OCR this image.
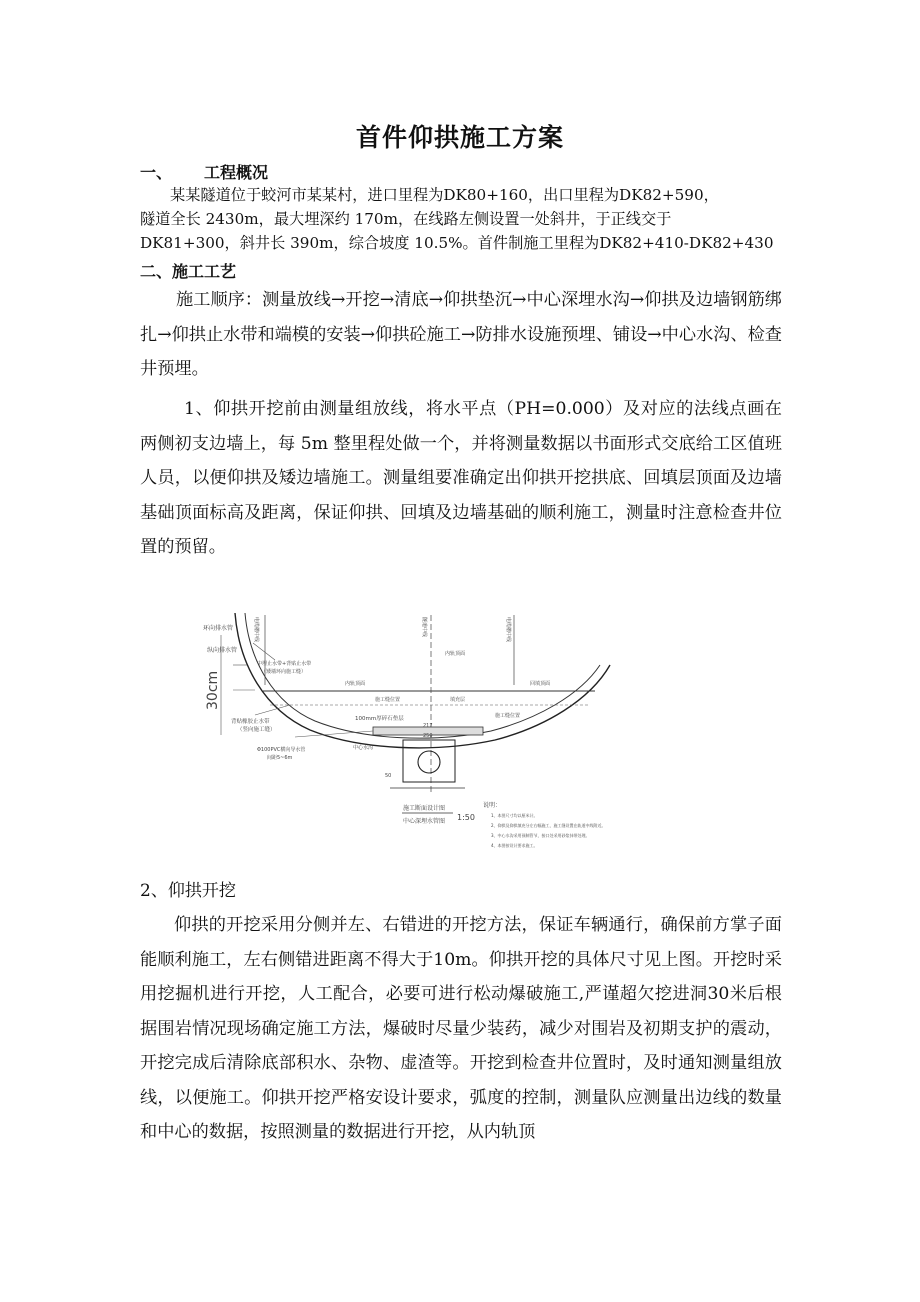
首件仰拱施工方案
一、 工程概况
某某隧道位于蛟河市某某村，进口里程为DK80+160，出口里程为DK82+590，
隧道全长 2430m，最大埋深约 170m，在线路左侧设置一处斜井，于正线交于
DK81+300，斜井长 390m，综合坡度 10.5%。首件制施工里程为DK82+410-DK82+430
二、施工工艺
施工顺序：测量放线→开挖→清底→仰拱垫沉→中心深埋水沟→仰拱及边墙钢筋绑扎→仰拱止水带和端模的安装→仰拱砼施工→防排水设施预埋、铺设→中心水沟、检查井预埋。
1、仰拱开挖前由测量组放线，将水平点（PH=0.000）及对应的法线点画在两侧初支边墙上，每 5m 整里程处做一个，并将测量数据以书面形式交底给工区值班人员，以便仰拱及矮边墙施工。测量组要准确定出仰拱开挖拱底、回填层顶面及边墙基础顶面标高及距离，保证仰拱、回填及边墙基础的顺利施工，测量时注意检查井位置的预留。
环向排水管
纵向排水管
30cm
中埋止水带+背贴止水带
（矮墙环向施工缝）
背贴橡胶止水带
（竖向施工缝）
Φ100PVC横向导水管
间距5~6m
电缆槽中线	隧道中线	电缆槽中线
内轨顶面
内轨顶面	回填顶面
填充层
施工缝位置
施工缝位置
100mm厚碎石垫层
217
250
50
中心水沟
施工断面设计图
中心深埋水管图 1:50
说明：
1、本图尺寸均以厘米计。
2、仰拱及仰拱填充分左右幅施工，施工缝设置在轨道中线附近。
3、中心水沟采用预制管节，接口处采用砂浆抹带处理。
4、本图按设计要求施工。
2、仰拱开挖
仰拱的开挖采用分侧并左、右错进的开挖方法，保证车辆通行，确保前方掌子面能顺利施工，左右侧错进距离不得大于10m。仰拱开挖的具体尺寸见上图。开挖时采用挖掘机进行开挖，人工配合，必要可进行松动爆破施工,严谨超欠挖进洞30米后根据围岩情况现场确定施工方法，爆破时尽量少装药，减少对围岩及初期支护的震动，开挖完成后清除底部积水、杂物、虚渣等。开挖到检查井位置时，及时通知测量组放线，以便施工。仰拱开挖严格安设计要求，弧度的控制，测量队应测量出边线的数量和中心的数据，按照测量的数据进行开挖，从内轨顶
